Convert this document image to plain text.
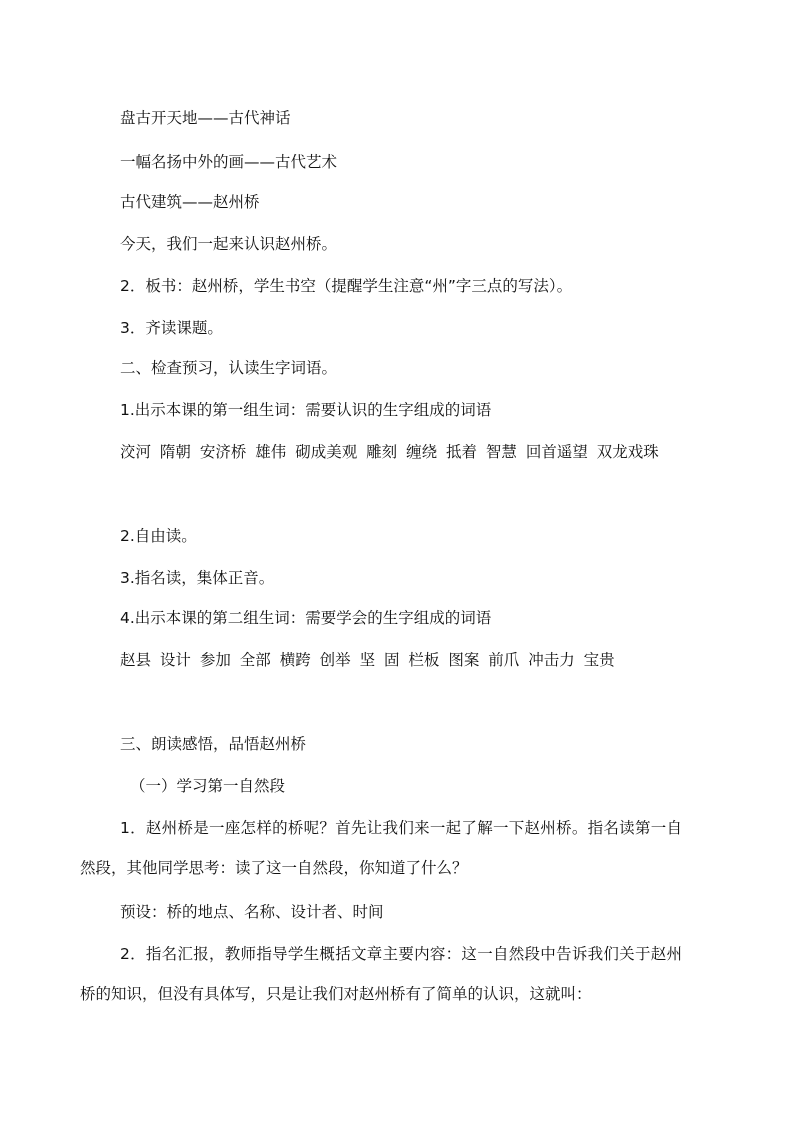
盘古开天地——古代神话
一幅名扬中外的画——古代艺术
古代建筑——赵州桥
今天，我们一起来认识赵州桥。
2．板书：赵州桥，学生书空（提醒学生注意“州”字三点的写法）。
3．齐读课题。
二、检查预习，认读生字词语。
1.出示本课的第一组生词：需要认识的生字组成的词语
洨河 隋朝 安济桥 雄伟 砌成美观 雕刻 缠绕 抵着 智慧 回首遥望 双龙戏珠
2.自由读。
3.指名读，集体正音。
4.出示本课的第二组生词：需要学会的生字组成的词语
赵县 设计 参加 全部 横跨 创举 坚 固 栏板 图案 前爪 冲击力 宝贵
三、朗读感悟，品悟赵州桥
（一）学习第一自然段
1．赵州桥是一座怎样的桥呢？首先让我们来一起了解一下赵州桥。指名读第一自然段，其他同学思考：读了这一自然段，你知道了什么？
预设：桥的地点、名称、设计者、时间
2．指名汇报，教师指导学生概括文章主要内容：这一自然段中告诉我们关于赵州桥的知识，但没有具体写，只是让我们对赵州桥有了简单的认识，这就叫：
